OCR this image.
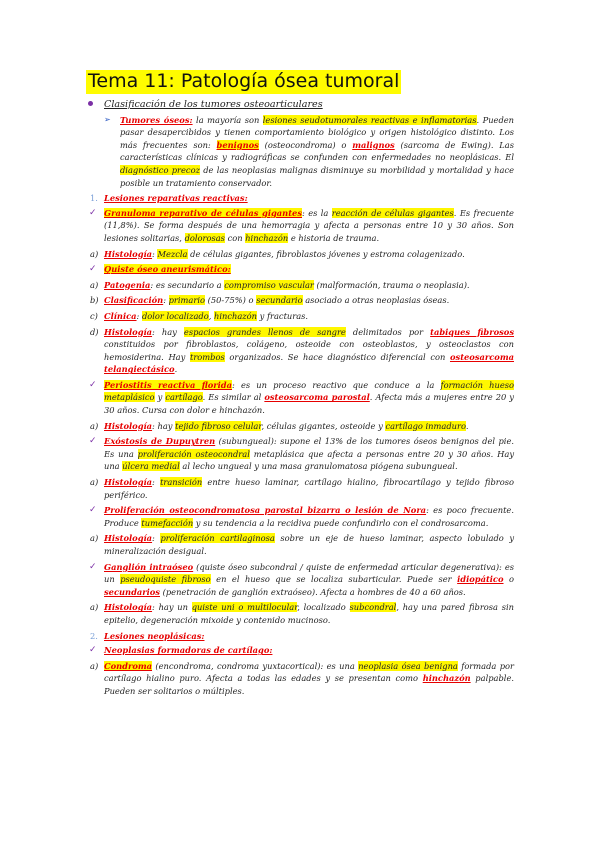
Tema 11: Patología ósea tumoral
Clasificación de los tumores osteoarticulares
➢ Tumores óseos: la mayoría son lesiones seudotumorales reactivas e inflamatorias. Pueden pasar desapercibidos y tienen comportamiento biológico y origen histológico distinto. Los más frecuentes son: benignos (osteocondroma) o malignos (sarcoma de Ewing). Las características clínicas y radiográficas se confunden con enfermedades no neoplásicas. El diagnóstico precoz de las neoplasias malignas disminuye su morbilidad y mortalidad y hace posible un tratamiento conservador.
1. Lesiones reparativas reactivas:
✓ Granuloma reparativo de células gigantes: es la reacción de células gigantes. Es frecuente (11,8%). Se forma después de una hemorragia y afecta a personas entre 10 y 30 años. Son lesiones solitarias, dolorosas con hinchazón e historia de trauma.
a) Histología: Mezcla de células gigantes, fibroblastos jóvenes y estroma colagenizado.
✓ Quiste óseo aneurismático:
a) Patogenia: es secundario a compromiso vascular (malformación, trauma o neoplasia).
b) Clasificación: primario (50-75%) o secundario asociado a otras neoplasias óseas.
c) Clínica: dolor localizado, hinchazón y fracturas.
d) Histología: hay espacios grandes llenos de sangre delimitados por tabiques fibrosos constituidos por fibroblastos, colágeno, osteoide con osteoblastos, y osteoclastos con hemosiderina. Hay trombos organizados. Se hace diagnóstico diferencial con osteosarcoma telangiectásico.
✓ Periostitis reactiva florida: es un proceso reactivo que conduce a la formación hueso metaplásico y cartílago. Es similar al osteosarcoma parostal. Afecta más a mujeres entre 20 y 30 años. Cursa con dolor e hinchazón.
a) Histología: hay tejido fibroso celular, células gigantes, osteoide y cartílago inmaduro.
✓ Exóstosis de Dupuytren (subungueal): supone el 13% de los tumores óseos benignos del pie. Es una proliferación osteocondral metaplásica que afecta a personas entre 20 y 30 años. Hay una úlcera medial al lecho ungueal y una masa granulomatosa piógena subungueal.
a) Histología: transición entre hueso laminar, cartílago hialino, fibrocartílago y tejido fibroso periférico.
✓ Proliferación osteocondromatosa parostal bizarra o lesión de Nora: es poco frecuente. Produce tumefacción y su tendencia a la recidiva puede confundirlo con el condrosarcoma.
a) Histología: proliferación cartilaginosa sobre un eje de hueso laminar, aspecto lobulado y mineralización desigual.
✓ Ganglión intraóseo (quiste óseo subcondral / quiste de enfermedad articular degenerativa): es un pseudoquiste fibroso en el hueso que se localiza subarticular. Puede ser idiopático o secundarios (penetración de ganglión extraóseo). Afecta a hombres de 40 a 60 años.
a) Histología: hay un quiste uni o multilocular, localizado subcondral, hay una pared fibrosa sin epitelio, degeneración mixoide y contenido mucinoso.
2. Lesiones neoplásicas:
✓ Neoplasias formadoras de cartílago:
a) Condroma (encondroma, condroma yuxtacortical): es una neoplasia ósea benigna formada por cartílago hialino puro. Afecta a todas las edades y se presentan como hinchazón palpable. Pueden ser solitarios o múltiples.
